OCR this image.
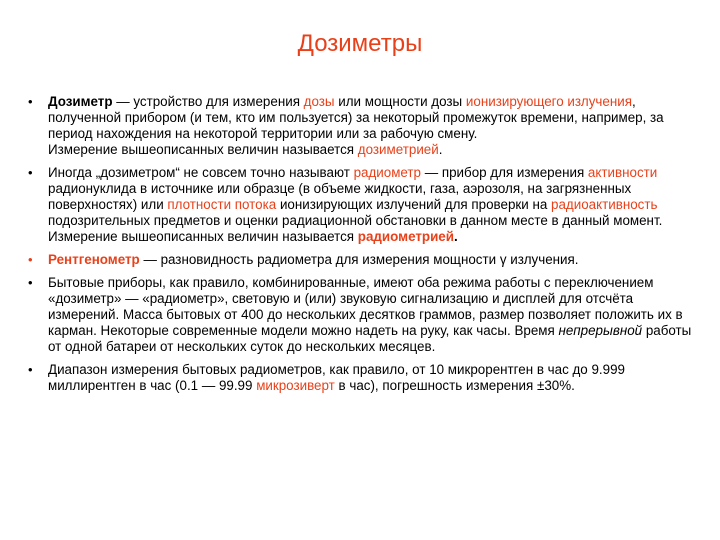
Дозиметры
• Дозиметр — устройство для измерения дозы или мощности дозы ионизирующего излучения, полученной прибором (и тем, кто им пользуется) за некоторый промежуток времени, например, за период нахождения на некоторой территории или за рабочую смену.
Измерение вышеописанных величин называется дозиметрией.
• Иногда „дозиметром“ не совсем точно называют радиометр — прибор для измерения активности радионуклида в источнике или образце (в объеме жидкости, газа, аэрозоля, на загрязненных поверхностях) или плотности потока ионизирующих излучений для проверки на радиоактивность подозрительных предметов и оценки радиационной обстановки в данном месте в данный момент.
Измерение вышеописанных величин называется радиометрией.
• Рентгенометр — разновидность радиометра для измерения мощности γ излучения.
• Бытовые приборы, как правило, комбинированные, имеют оба режима работы с переключением «дозиметр» — «радиометр», световую и (или) звуковую сигнализацию и дисплей для отсчёта измерений. Масса бытовых от 400 до нескольких десятков граммов, размер позволяет положить их в карман. Некоторые современные модели можно надеть на руку, как часы. Время непрерывной работы от одной батареи от нескольких суток до нескольких месяцев.
• Диапазон измерения бытовых радиометров, как правило, от 10 микрорентген в час до 9.999 миллирентген в час (0.1 — 99.99 микрозиверт в час), погрешность измерения ±30%.
